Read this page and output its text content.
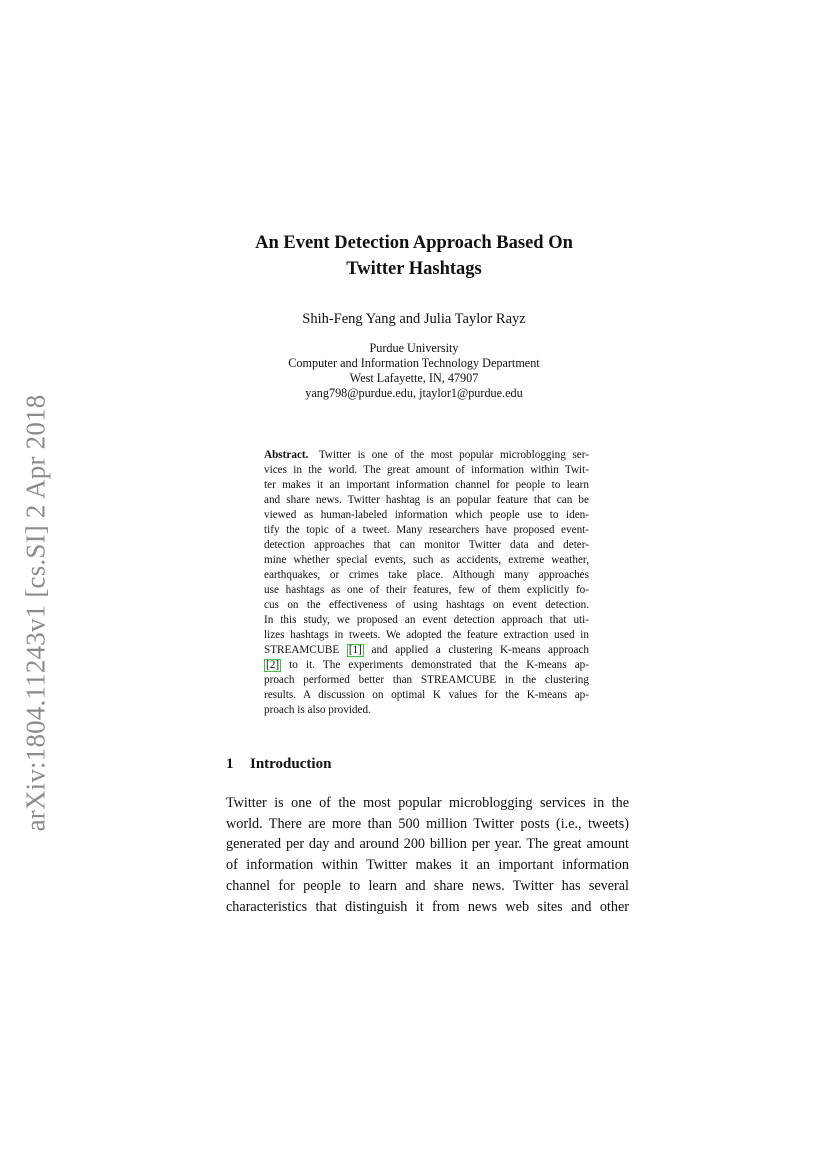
arXiv:1804.11243v1 [cs.SI] 2 Apr 2018
An Event Detection Approach Based On
Twitter Hashtags
Shih-Feng Yang and Julia Taylor Rayz
Purdue University
Computer and Information Technology Department
West Lafayette, IN, 47907
yang798@purdue.edu, jtaylor1@purdue.edu
Abstract. Twitter is one of the most popular microblogging ser-
vices in the world. The great amount of information within Twit-
ter makes it an important information channel for people to learn
and share news. Twitter hashtag is an popular feature that can be
viewed as human-labeled information which people use to iden-
tify the topic of a tweet. Many researchers have proposed event-
detection approaches that can monitor Twitter data and deter-
mine whether special events, such as accidents, extreme weather,
earthquakes, or crimes take place. Although many approaches
use hashtags as one of their features, few of them explicitly fo-
cus on the effectiveness of using hashtags on event detection.
In this study, we proposed an event detection approach that uti-
lizes hashtags in tweets. We adopted the feature extraction used in
STREAMCUBE [1] and applied a clustering K-means approach
[2] to it. The experiments demonstrated that the K-means ap-
proach performed better than STREAMCUBE in the clustering
results. A discussion on optimal K values for the K-means ap-
proach is also provided.
1 Introduction
Twitter is one of the most popular microblogging services in the
world. There are more than 500 million Twitter posts (i.e., tweets)
generated per day and around 200 billion per year. The great amount
of information within Twitter makes it an important information
channel for people to learn and share news. Twitter has several
characteristics that distinguish it from news web sites and other
